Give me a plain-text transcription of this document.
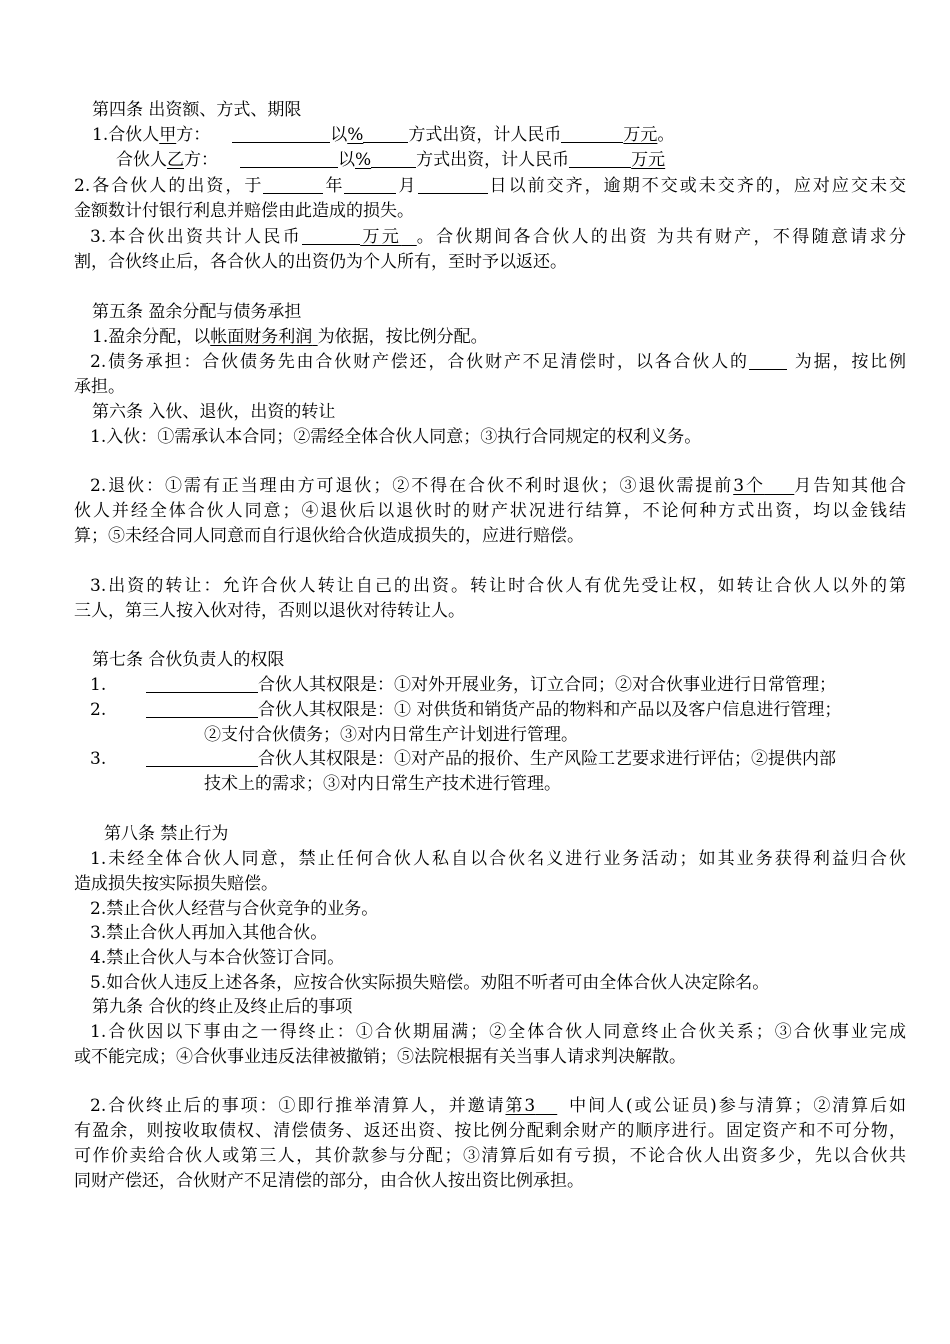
第四条 出资额、方式、期限
1.合伙人甲方：	以%	方式出资，计人民币	万元。
合伙人乙方：	以%	方式出资，计人民币	万元
2.各合伙人的出资，于	年	月	日以前交齐，逾期不交或未交齐的，应对应交未交
金额数计付银行利息并赔偿由此造成的损失。
3.本合伙出资共计人民币	万元 。合伙期间各合伙人的出资 为共有财产，不得随意请求分
割，合伙终止后，各合伙人的出资仍为个人所有，至时予以返还。
第五条 盈余分配与债务承担
1.盈余分配，以帐面财务利润 为依据，按比例分配。
2.债务承担：合伙债务先由合伙财产偿还，合伙财产不足清偿时，以各合伙人的	为据，按比例
承担。
第六条 入伙、退伙，出资的转让
1.入伙：①需承认本合同；②需经全体合伙人同意；③执行合同规定的权利义务。
2.退伙：①需有正当理由方可退伙；②不得在合伙不利时退伙；③退伙需提前3个 月告知其他合
伙人并经全体合伙人同意；④退伙后以退伙时的财产状况进行结算，不论何种方式出资，均以金钱结
算；⑤未经合同人同意而自行退伙给合伙造成损失的，应进行赔偿。
3.出资的转让：允许合伙人转让自己的出资。转让时合伙人有优先受让权，如转让合伙人以外的第
三人，第三人按入伙对待，否则以退伙对待转让人。
第七条 合伙负责人的权限
1.	合伙人其权限是：①对外开展业务，订立合同；②对合伙事业进行日常管理；
2.	合伙人其权限是：① 对供货和销货产品的物料和产品以及客户信息进行管理；
②支付合伙债务；③对内日常生产计划进行管理。
3.	合伙人其权限是：①对产品的报价、生产风险工艺要求进行评估；②提供内部
技术上的需求；③对内日常生产技术进行管理。
第八条 禁止行为
1.未经全体合伙人同意，禁止任何合伙人私自以合伙名义进行业务活动；如其业务获得利益归合伙
造成损失按实际损失赔偿。
2.禁止合伙人经营与合伙竞争的业务。
3.禁止合伙人再加入其他合伙。
4.禁止合伙人与本合伙签订合同。
5.如合伙人违反上述各条，应按合伙实际损失赔偿。劝阻不听者可由全体合伙人决定除名。
第九条 合伙的终止及终止后的事项
1.合伙因以下事由之一得终止：①合伙期届满；②全体合伙人同意终止合伙关系；③合伙事业完成
或不能完成；④合伙事业违反法律被撤销；⑤法院根据有关当事人请求判决解散。
2.合伙终止后的事项：①即行推举清算人，并邀请第3 中间人(或公证员)参与清算；②清算后如
有盈余，则按收取债权、清偿债务、返还出资、按比例分配剩余财产的顺序进行。固定资产和不可分物，
可作价卖给合伙人或第三人，其价款参与分配；③清算后如有亏损，不论合伙人出资多少，先以合伙共
同财产偿还，合伙财产不足清偿的部分，由合伙人按出资比例承担。
